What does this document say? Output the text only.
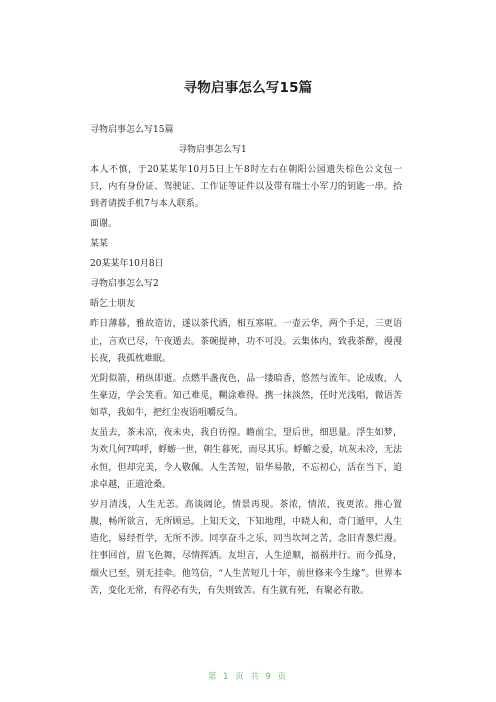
寻物启事怎么写15篇

寻物启事怎么写15篇

寻物启事怎么写1

本人不慎，于20某某年10月5日上午8时左右在朝阳公园遗失棕色公文包一只，内有身份证、驾驶证、工作证等证件以及带有瑞士小军刀的钥匙一串。拾到者请拨手机7与本人联系。

面谢。

某某

20某某年10月8日

寻物启事怎么写2

晤乞士朋友

昨日薄暮，雅故造访，遂以茶代酒，相互寒暄。一壶云华，两个手足，三更语止，言欢已尽，午夜遁去。茶碗提神，功不可没。云集体内，致我茶醉，漫漫长夜，我孤枕难眠。

光阴似箭，稍纵即逝。点燃半盏夜色，品一缕暗香，悠然与流年。论成败，人生豪迈，学会笑看。知己难觅，糊涂难得。携一抹淡然，任时光浅唱，微语苦如草，我如牛，把红尘夜语咀嚼反刍。

友虽去，茶未凉，夜未央，我自彷徨。瞻前尘，望后世，细思量。浮生如梦，为欢几何?鸣呼，蜉蝣一世，朝生暮死，而尽其乐。蜉蝣之爱，坑灰未冷，无法永恒，但却完美，令人敬佩。人生苦短，铅华易散，不忘初心，活在当下，追求卓越，正道沧桑。

岁月清浅，人生无恙。高谈阔论，情景再现。茶浓，情浓，夜更浓。推心置腹，畅所欲言，无所顾忌。上知天文，下知地理，中晓人和，奇门遁甲，人生造化，易经哲学，无所不涉。同享奋斗之乐，同当坎坷之苦，念旧青葱烂漫。往事回首，眉飞色舞，尽情挥洒。友坦言，人生逆顺，福祸并行。而今孤身，烟火已至，别无挂牵。他笃信，“人生苦短几十年，前世修来今生缘”。世界本苦，变化无常，有得必有失，有失则致苦。有生就有死，有聚必有散。

第 1 页 共 9 页
